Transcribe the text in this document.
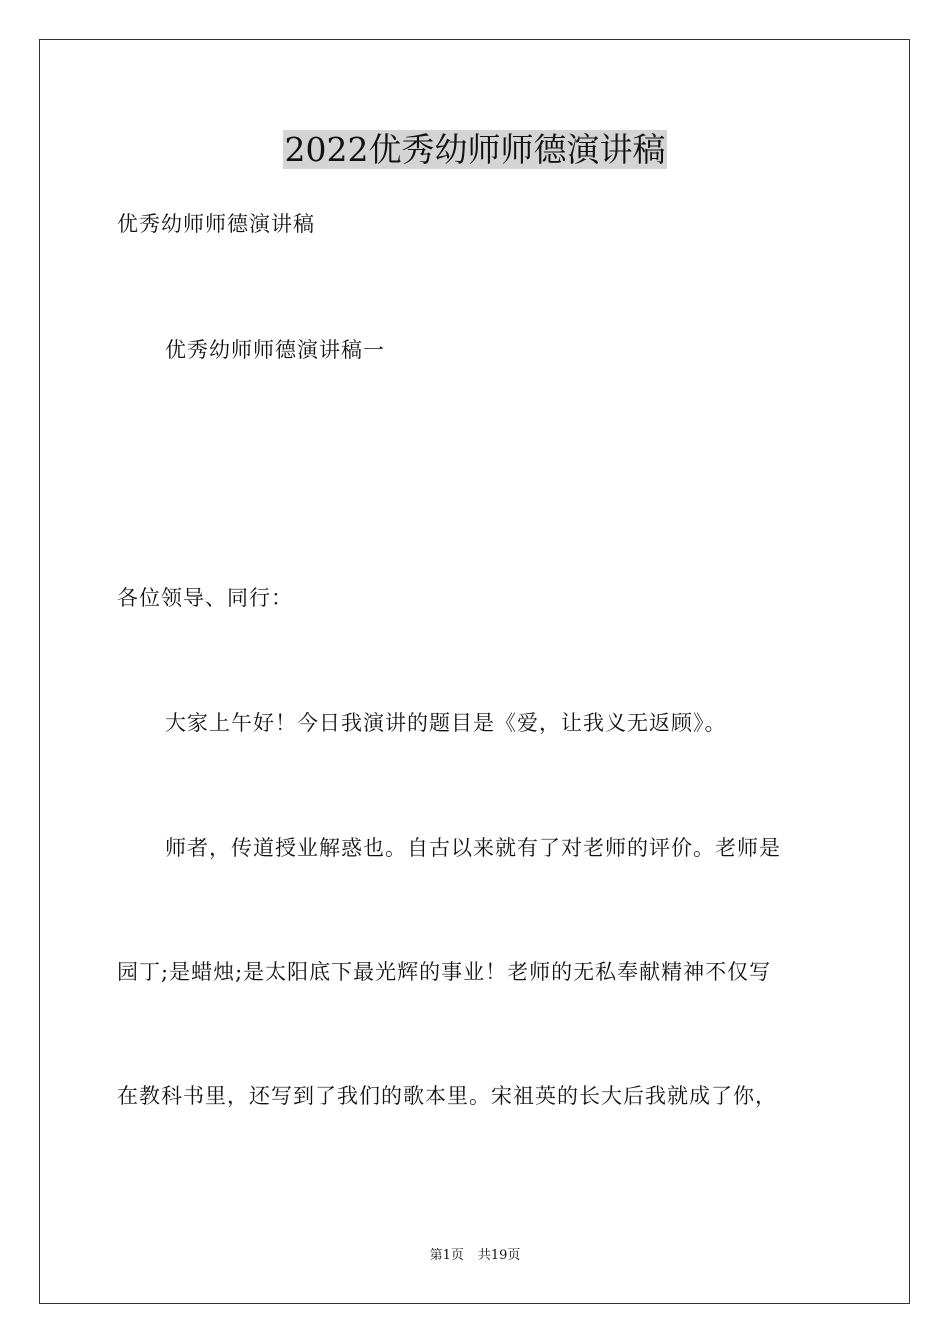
2022优秀幼师师德演讲稿

优秀幼师师德演讲稿

优秀幼师师德演讲稿一

各位领导、同行：

大家上午好！今日我演讲的题目是《爱，让我义无返顾》。

师者，传道授业解惑也。自古以来就有了对老师的评价。老师是

园丁;是蜡烛;是太阳底下最光辉的事业！老师的无私奉献精神不仅写

在教科书里，还写到了我们的歌本里。宋祖英的长大后我就成了你，

第1页 共19页
